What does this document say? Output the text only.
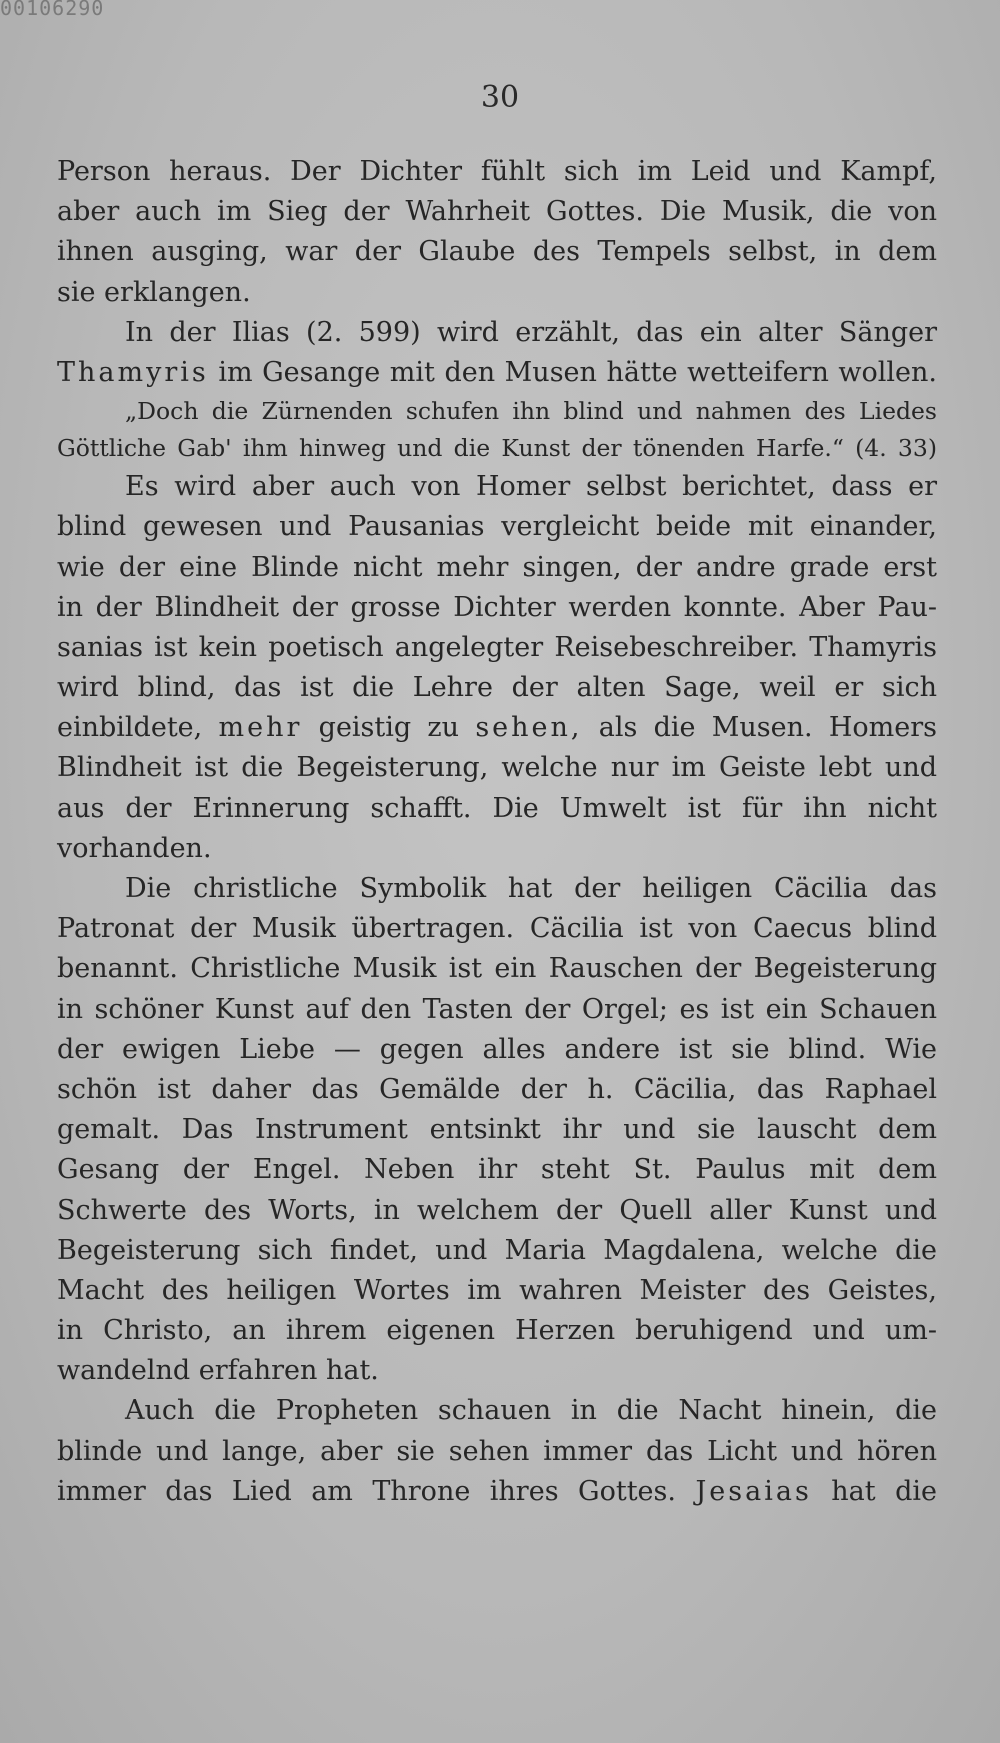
00106290
30
Person heraus. Der Dichter fühlt sich im Leid und Kampf,
aber auch im Sieg der Wahrheit Gottes. Die Musik, die von
ihnen ausging, war der Glaube des Tempels selbst, in dem
sie erklangen.
In der Ilias (2. 599) wird erzählt, das ein alter Sänger
Thamyris im Gesange mit den Musen hätte wetteifern wollen.
„Doch die Zürnenden schufen ihn blind und nahmen des Liedes
Göttliche Gab' ihm hinweg und die Kunst der tönenden Harfe.“ (4. 33)
Es wird aber auch von Homer selbst berichtet, dass er
blind gewesen und Pausanias vergleicht beide mit einander,
wie der eine Blinde nicht mehr singen, der andre grade erst
in der Blindheit der grosse Dichter werden konnte. Aber Pau-
sanias ist kein poetisch angelegter Reisebeschreiber. Thamyris
wird blind, das ist die Lehre der alten Sage, weil er sich
einbildete, mehr geistig zu sehen, als die Musen. Homers
Blindheit ist die Begeisterung, welche nur im Geiste lebt und
aus der Erinnerung schafft. Die Umwelt ist für ihn nicht
vorhanden.
Die christliche Symbolik hat der heiligen Cäcilia das
Patronat der Musik übertragen. Cäcilia ist von Caecus blind
benannt. Christliche Musik ist ein Rauschen der Begeisterung
in schöner Kunst auf den Tasten der Orgel; es ist ein Schauen
der ewigen Liebe — gegen alles andere ist sie blind. Wie
schön ist daher das Gemälde der h. Cäcilia, das Raphael
gemalt. Das Instrument entsinkt ihr und sie lauscht dem
Gesang der Engel. Neben ihr steht St. Paulus mit dem
Schwerte des Worts, in welchem der Quell aller Kunst und
Begeisterung sich findet, und Maria Magdalena, welche die
Macht des heiligen Wortes im wahren Meister des Geistes,
in Christo, an ihrem eigenen Herzen beruhigend und um-
wandelnd erfahren hat.
Auch die Propheten schauen in die Nacht hinein, die
blinde und lange, aber sie sehen immer das Licht und hören
immer das Lied am Throne ihres Gottes. Jesaias hat die
